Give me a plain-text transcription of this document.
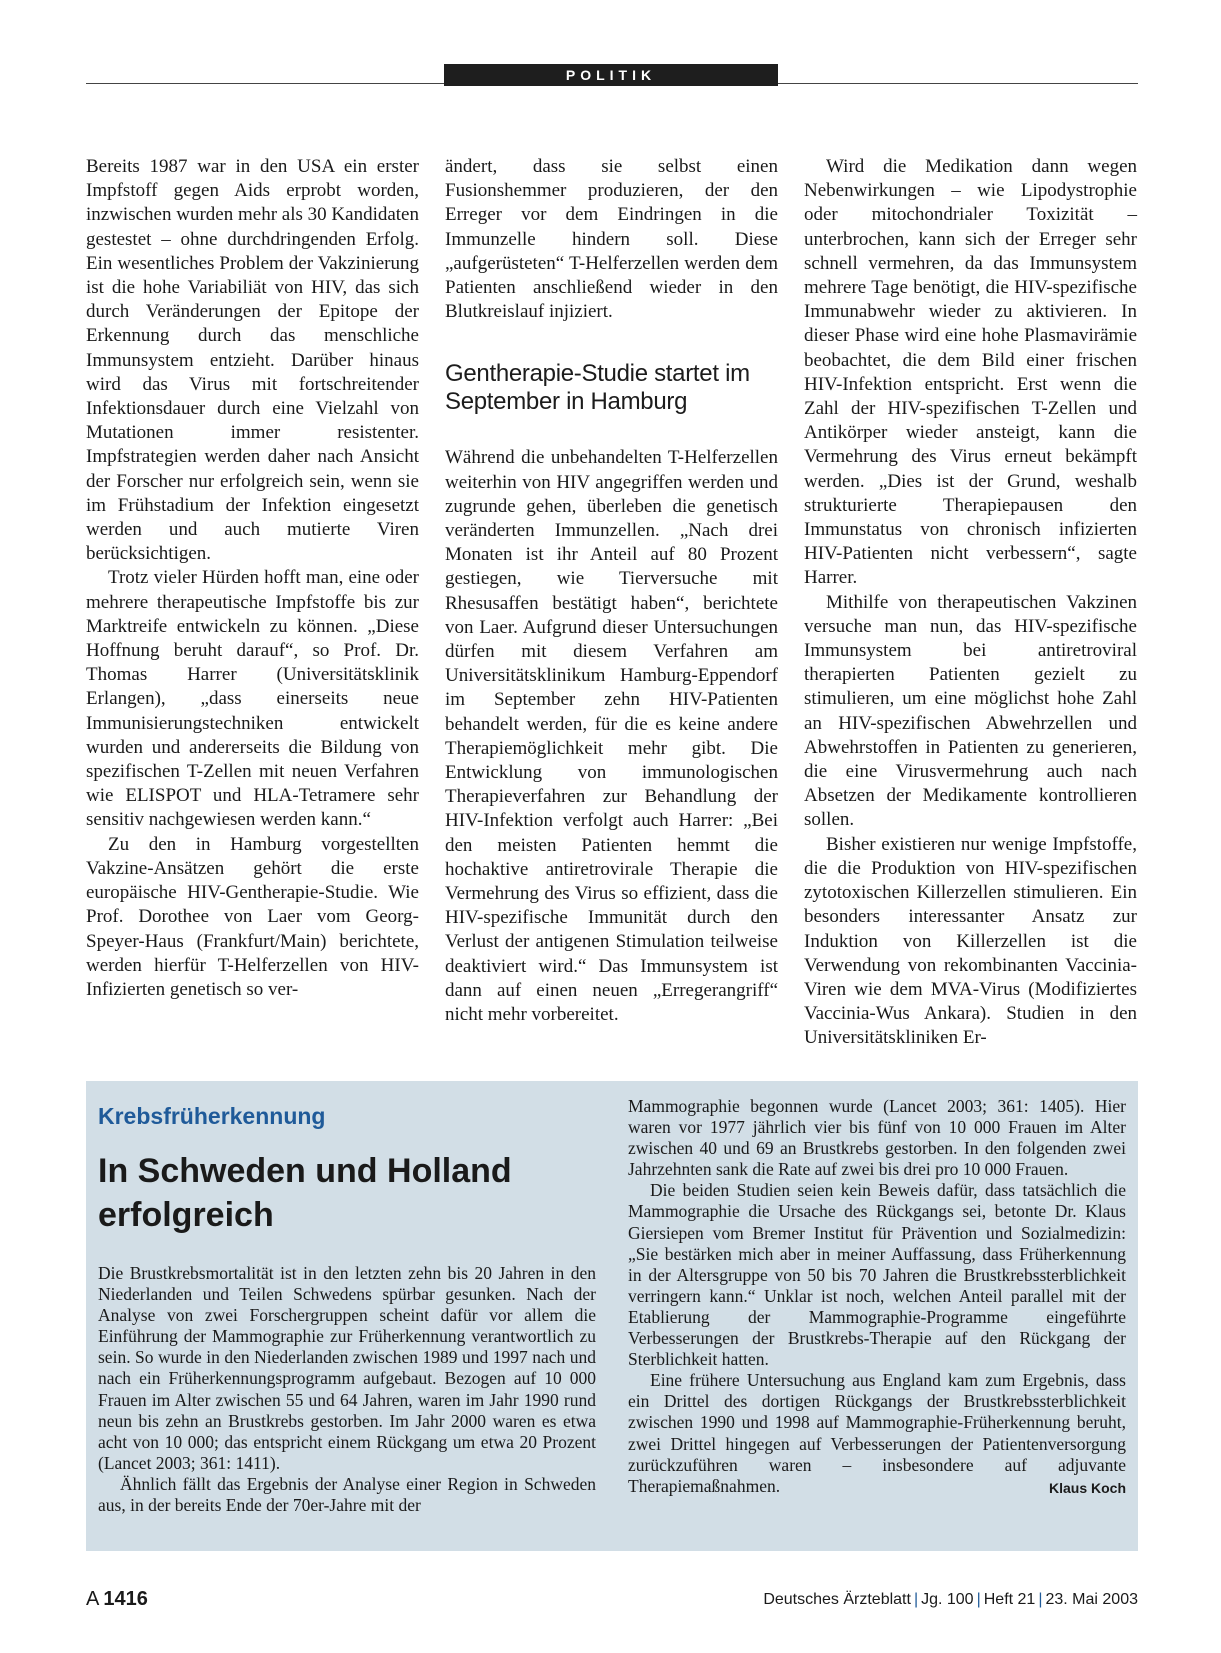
POLITIK

Bereits 1987 war in den USA ein erster Impfstoff gegen Aids erprobt worden, inzwischen wurden mehr als 30 Kandidaten gestestet – ohne durchdringenden Erfolg. Ein wesentliches Problem der Vakzinierung ist die hohe Variabiliät von HIV, das sich durch Veränderungen der Epitope der Erkennung durch das menschliche Immunsystem entzieht. Darüber hinaus wird das Virus mit fortschreitender Infektionsdauer durch eine Vielzahl von Mutationen immer resistenter. Impfstrategien werden daher nach Ansicht der Forscher nur erfolgreich sein, wenn sie im Frühstadium der Infektion eingesetzt werden und auch mutierte Viren berücksichtigen.

Trotz vieler Hürden hofft man, eine oder mehrere therapeutische Impfstoffe bis zur Marktreife entwickeln zu können. „Diese Hoffnung beruht darauf“, so Prof. Dr. Thomas Harrer (Universitätsklinik Erlangen), „dass einerseits neue Immunisierungstechniken entwickelt wurden und andererseits die Bildung von spezifischen T-Zellen mit neuen Verfahren wie ELISPOT und HLA-Tetramere sehr sensitiv nachgewiesen werden kann.“

Zu den in Hamburg vorgestellten Vakzine-Ansätzen gehört die erste europäische HIV-Gentherapie-Studie. Wie Prof. Dorothee von Laer vom Georg-Speyer-Haus (Frankfurt/Main) berichtete, werden hierfür T-Helferzellen von HIV-Infizierten genetisch so ver-

ändert, dass sie selbst einen Fusionshemmer produzieren, der den Erreger vor dem Eindringen in die Immunzelle hindern soll. Diese „aufgerüsteten“ T-Helferzellen werden dem Patienten anschließend wieder in den Blutkreislauf injiziert.

Gentherapie-Studie startet im September in Hamburg

Während die unbehandelten T-Helferzellen weiterhin von HIV angegriffen werden und zugrunde gehen, überleben die genetisch veränderten Immunzellen. „Nach drei Monaten ist ihr Anteil auf 80 Prozent gestiegen, wie Tierversuche mit Rhesusaffen bestätigt haben“, berichtete von Laer. Aufgrund dieser Untersuchungen dürfen mit diesem Verfahren am Universitätsklinikum Hamburg-Eppendorf im September zehn HIV-Patienten behandelt werden, für die es keine andere Therapiemöglichkeit mehr gibt. Die Entwicklung von immunologischen Therapieverfahren zur Behandlung der HIV-Infektion verfolgt auch Harrer: „Bei den meisten Patienten hemmt die hochaktive antiretrovirale Therapie die Vermehrung des Virus so effizient, dass die HIV-spezifische Immunität durch den Verlust der antigenen Stimulation teilweise deaktiviert wird.“ Das Immunsystem ist dann auf einen neuen „Erregerangriff“ nicht mehr vorbereitet.

Wird die Medikation dann wegen Nebenwirkungen – wie Lipodystrophie oder mitochondrialer Toxizität – unterbrochen, kann sich der Erreger sehr schnell vermehren, da das Immunsystem mehrere Tage benötigt, die HIV-spezifische Immunabwehr wieder zu aktivieren. In dieser Phase wird eine hohe Plasmavirämie beobachtet, die dem Bild einer frischen HIV-Infektion entspricht. Erst wenn die Zahl der HIV-spezifischen T-Zellen und Antikörper wieder ansteigt, kann die Vermehrung des Virus erneut bekämpft werden. „Dies ist der Grund, weshalb strukturierte Therapiepausen den Immunstatus von chronisch infizierten HIV-Patienten nicht verbessern“, sagte Harrer.

Mithilfe von therapeutischen Vakzinen versuche man nun, das HIV-spezifische Immunsystem bei antiretroviral therapierten Patienten gezielt zu stimulieren, um eine möglichst hohe Zahl an HIV-spezifischen Abwehrzellen und Abwehrstoffen in Patienten zu generieren, die eine Virusvermehrung auch nach Absetzen der Medikamente kontrollieren sollen.

Bisher existieren nur wenige Impfstoffe, die die Produktion von HIV-spezifischen zytotoxischen Killerzellen stimulieren. Ein besonders interessanter Ansatz zur Induktion von Killerzellen ist die Verwendung von rekombinanten Vaccinia-Viren wie dem MVA-Virus (Modifiziertes Vaccinia-Wus Ankara). Studien in den Universitätskliniken Er-

Krebsfrüherkennung
In Schweden und Holland erfolgreich

Die Brustkrebsmortalität ist in den letzten zehn bis 20 Jahren in den Niederlanden und Teilen Schwedens spürbar gesunken. Nach der Analyse von zwei Forschergruppen scheint dafür vor allem die Einführung der Mammographie zur Früherkennung verantwortlich zu sein. So wurde in den Niederlanden zwischen 1989 und 1997 nach und nach ein Früherkennungsprogramm aufgebaut. Bezogen auf 10 000 Frauen im Alter zwischen 55 und 64 Jahren, waren im Jahr 1990 rund neun bis zehn an Brustkrebs gestorben. Im Jahr 2000 waren es etwa acht von 10 000; das entspricht einem Rückgang um etwa 20 Prozent (Lancet 2003; 361: 1411).

Ähnlich fällt das Ergebnis der Analyse einer Region in Schweden aus, in der bereits Ende der 70er-Jahre mit der

Mammographie begonnen wurde (Lancet 2003; 361: 1405). Hier waren vor 1977 jährlich vier bis fünf von 10 000 Frauen im Alter zwischen 40 und 69 an Brustkrebs gestorben. In den folgenden zwei Jahrzehnten sank die Rate auf zwei bis drei pro 10 000 Frauen.

Die beiden Studien seien kein Beweis dafür, dass tatsächlich die Mammographie die Ursache des Rückgangs sei, betonte Dr. Klaus Giersiepen vom Bremer Institut für Prävention und Sozialmedizin: „Sie bestärken mich aber in meiner Auffassung, dass Früherkennung in der Altersgruppe von 50 bis 70 Jahren die Brustkrebssterblichkeit verringern kann.“ Unklar ist noch, welchen Anteil parallel mit der Etablierung der Mammographie-Programme eingeführte Verbesserungen der Brustkrebs-Therapie auf den Rückgang der Sterblichkeit hatten.

Eine frühere Untersuchung aus England kam zum Ergebnis, dass ein Drittel des dortigen Rückgangs der Brustkrebssterblichkeit zwischen 1990 und 1998 auf Mammographie-Früherkennung beruht, zwei Drittel hingegen auf Verbesserungen der Patientenversorgung zurückzuführen waren – insbesondere auf adjuvante Therapiemaßnahmen.	Klaus Koch

A  1416	Deutsches Ärzteblatt | Jg. 100 | Heft 21 | 23. Mai 2003
